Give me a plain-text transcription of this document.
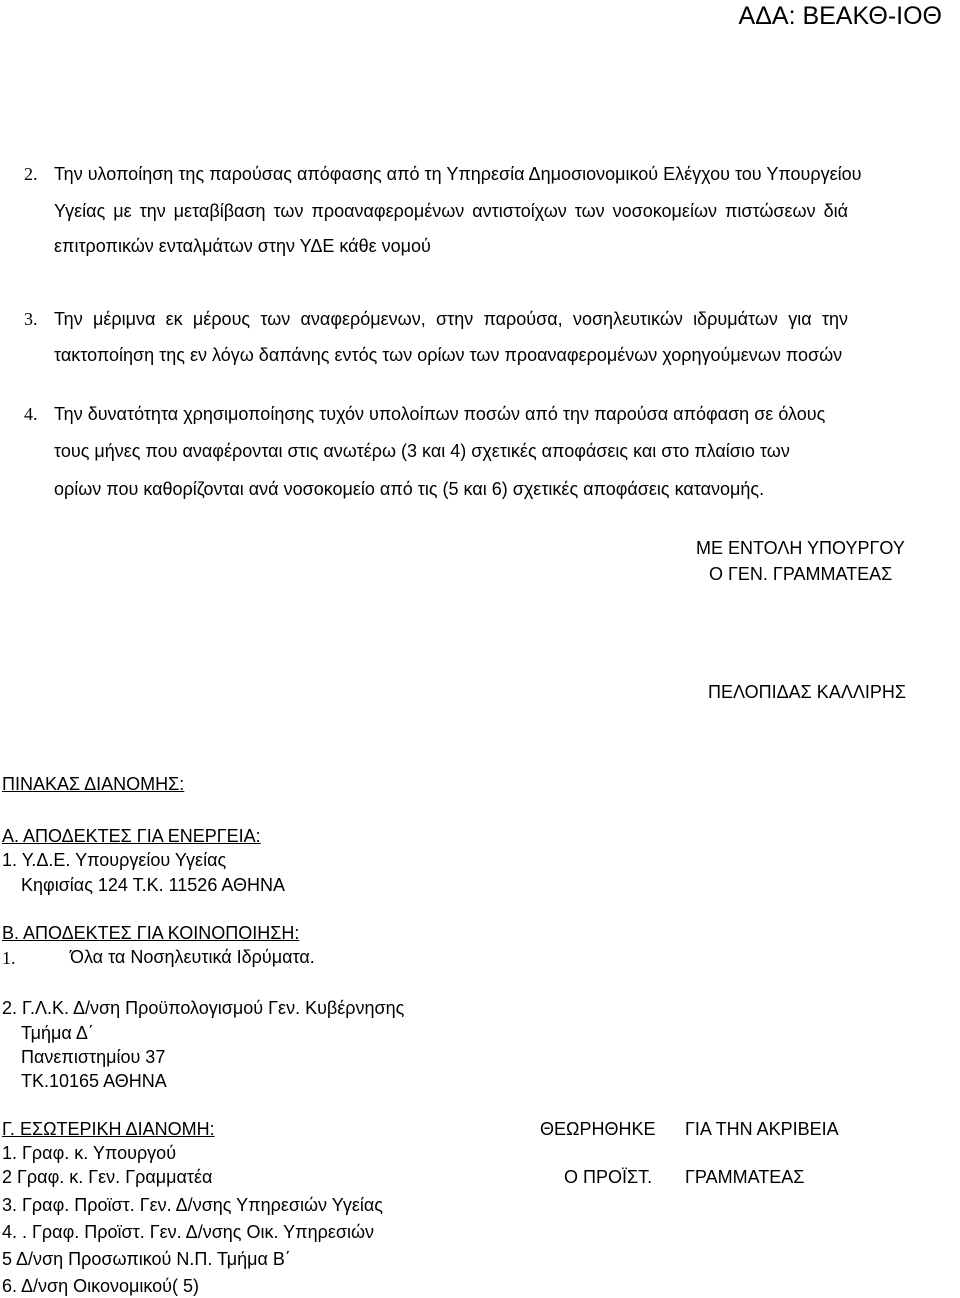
ΑΔΑ: ΒΕΑΚΘ-ΙΟΘ
2. Την υλοποίηση της παρούσας απόφασης από τη Υπηρεσία Δημοσιονομικού Ελέγχου του Υπουργείου
Υγείας με την μεταβίβαση των προαναφερομένων αντιστοίχων των νοσοκομείων πιστώσεων διά
επιτροπικών ενταλμάτων στην ΥΔΕ κάθε νομού
3. Την μέριμνα εκ μέρους των αναφερόμενων, στην παρούσα, νοσηλευτικών ιδρυμάτων για την
τακτοποίηση της εν λόγω δαπάνης εντός των ορίων των προαναφερομένων χορηγούμενων ποσών
4. Την δυνατότητα χρησιμοποίησης τυχόν υπολοίπων ποσών από την παρούσα απόφαση σε όλους
τους μήνες που αναφέρονται στις ανωτέρω (3 και 4) σχετικές αποφάσεις και στο πλαίσιο των
ορίων που καθορίζονται ανά νοσοκομείο από τις (5 και 6) σχετικές αποφάσεις κατανομής.
ΜΕ ΕΝΤΟΛΗ ΥΠΟΥΡΓΟΥ
Ο ΓΕΝ. ΓΡΑΜΜΑΤΕΑΣ
ΠΕΛΟΠΙΔΑΣ ΚΑΛΛΙΡΗΣ
ΠΙΝΑΚΑΣ ΔΙΑΝΟΜΗΣ:
Α. ΑΠΟΔΕΚΤΕΣ ΓΙΑ ΕΝΕΡΓΕΙΑ:
1. Υ.Δ.Ε. Υπουργείου Υγείας
Κηφισίας 124 Τ.Κ. 11526 ΑΘΗΝΑ
Β. ΑΠΟΔΕΚΤΕΣ ΓΙΑ ΚΟΙΝΟΠΟΙΗΣΗ:
1.	Όλα τα Νοσηλευτικά Ιδρύματα.
2. Γ.Λ.Κ. Δ/νση Προϋπολογισμού Γεν. Κυβέρνησης
Τμήμα Δ΄
Πανεπιστημίου 37
ΤΚ.10165 ΑΘΗΝΑ
Γ. ΕΣΩΤΕΡΙΚΗ ΔΙΑΝΟΜΗ:
1. Γραφ. κ. Υπουργού
2 Γραφ. κ. Γεν. Γραμματέα
3. Γραφ. Προϊστ. Γεν. Δ/νσης Υπηρεσιών Υγείας
4. . Γραφ. Προϊστ. Γεν. Δ/νσης Οικ. Υπηρεσιών
5 Δ/νση Προσωπικού Ν.Π. Τμήμα Β΄
6. Δ/νση Οικονομικού( 5)
ΘΕΩΡΗΘΗΚΕ ΓΙΑ ΤΗΝ ΑΚΡΙΒΕΙΑ
Ο ΠΡΟΪΣΤ. ΓΡΑΜΜΑΤΕΑΣ
